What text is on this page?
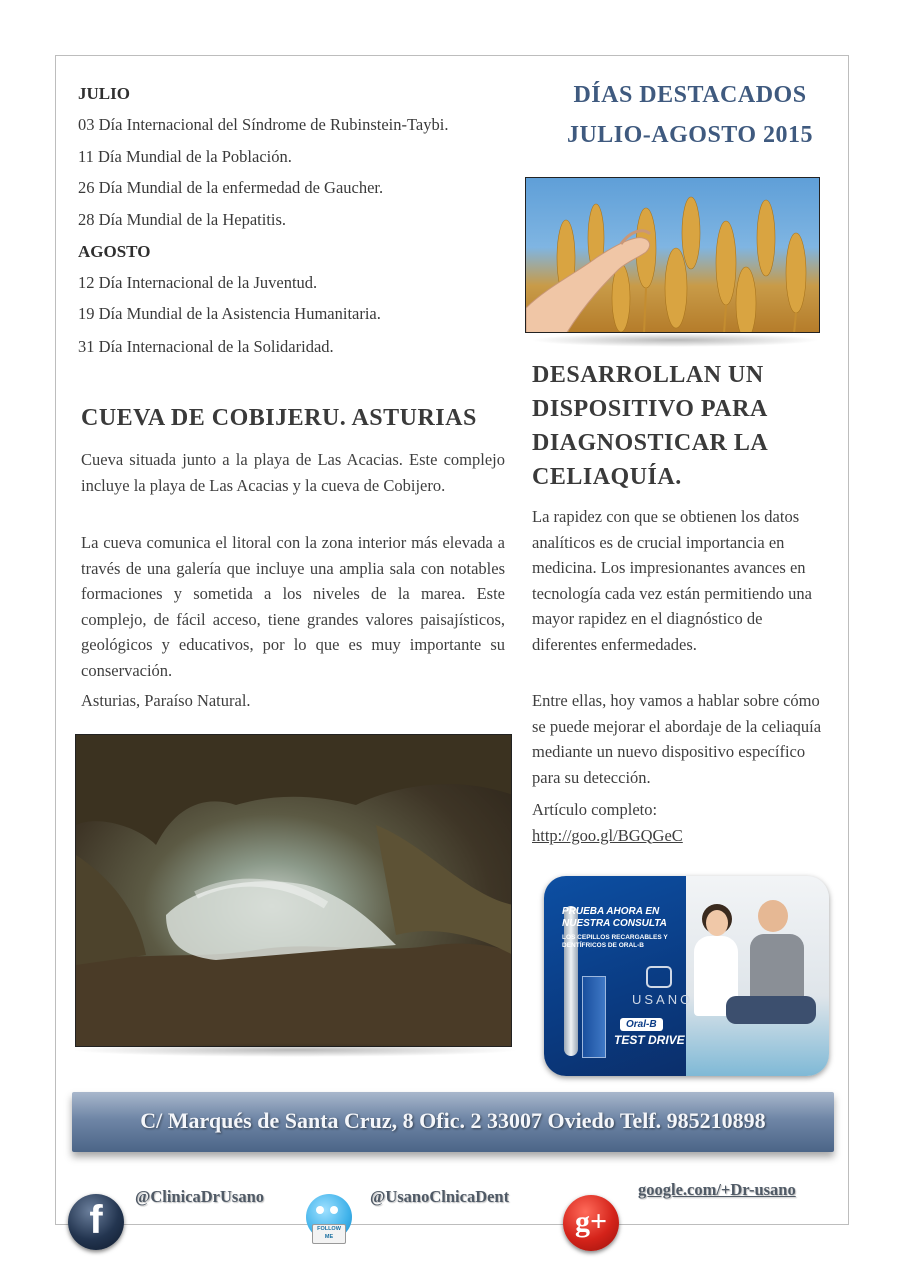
JULIO
03 Día Internacional del Síndrome de Rubinstein-Taybi.
11 Día Mundial de la Población.
26 Día Mundial de la enfermedad de Gaucher.
28 Día Mundial de la Hepatitis.
AGOSTO
12 Día Internacional de la Juventud.
19 Día Mundial de la Asistencia Humanitaria.
31 Día Internacional de la Solidaridad.
DÍAS DESTACADOS
JULIO-AGOSTO 2015
DESARROLLAN UN
DISPOSITIVO PARA
DIAGNOSTICAR LA
CELIAQUÍA.

La rapidez con que se obtienen los datos analíticos es de crucial importancia en medicina. Los impresionantes avances en tecnología cada vez están permitiendo una mayor rapidez en el diagnóstico de diferentes enfermedades.

Entre ellas, hoy vamos a hablar sobre cómo se puede mejorar el abordaje de la celiaquía mediante un nuevo dispositivo específico para su detección.

Artículo completo: http://goo.gl/BGQGeC

CUEVA DE COBIJERU. ASTURIAS

Cueva situada junto a la playa de Las Acacias. Este complejo incluye la playa de Las Acacias y la cueva de Cobijero.

La cueva comunica el litoral con la zona interior más elevada a través de una galería que incluye una amplia sala con notables formaciones y sometida a los niveles de la marea. Este complejo, de fácil acceso, tiene grandes valores paisajísticos, geológicos y educativos, por lo que es muy importante su conservación.

Asturias, Paraíso Natural.

PRUEBA AHORA EN NUESTRA CONSULTA
LOS CEPILLOS RECARGABLES Y DENTÍFRICOS DE ORAL-B
USANO
Oral-B
TEST DRIVE
C/ Marqués de Santa Cruz, 8 Ofic. 2 33007 Oviedo Telf. 985210898
f
@ClinicaDrUsano
FOLLOW ME
@UsanoClnicaDent
g+
google.com/+Dr-usano
